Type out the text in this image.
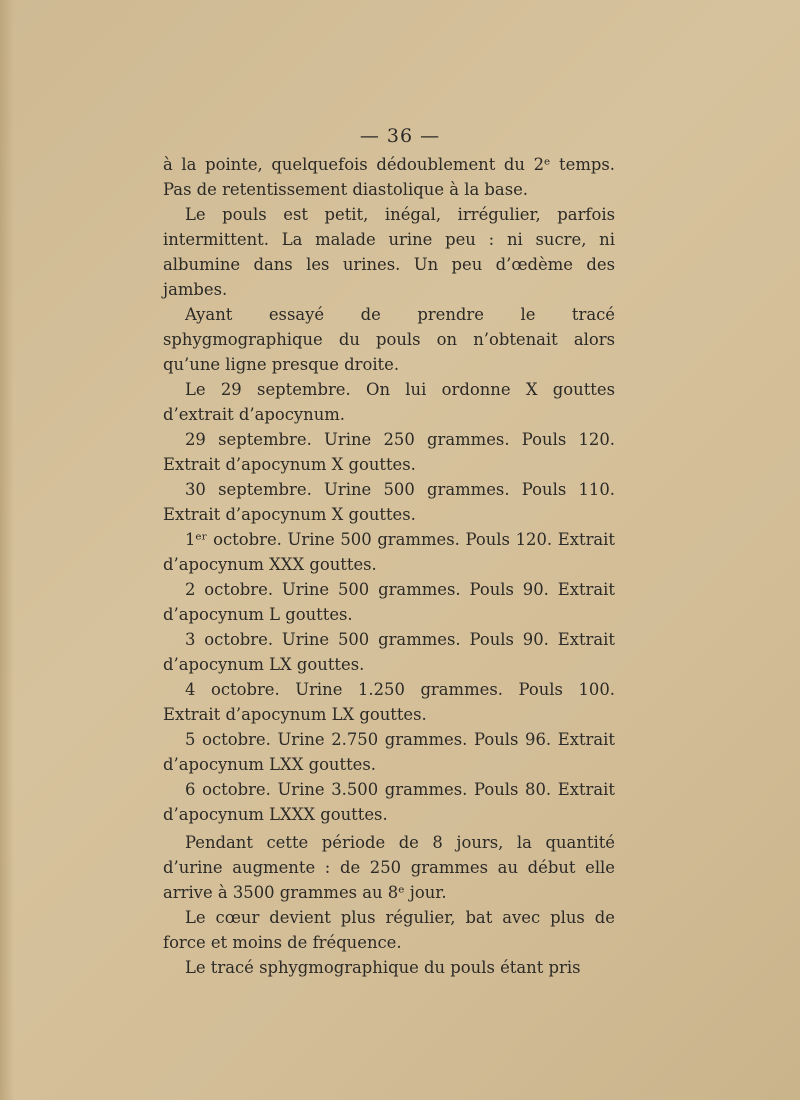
— 36 —

à la pointe, quelquefois dédoublement du 2ᵉ temps. Pas de retentissement diastolique à la base.

Le pouls est petit, inégal, irrégulier, parfois intermittent. La malade urine peu : ni sucre, ni albumine dans les urines. Un peu d’œdème des jambes.

Ayant essayé de prendre le tracé sphygmographique du pouls on n’obtenait alors qu’une ligne presque droite.

Le 29 septembre. On lui ordonne X gouttes d’extrait d’apocynum.

29 septembre. Urine 250 grammes. Pouls 120. Extrait d’apocynum X gouttes.

30 septembre. Urine 500 grammes. Pouls 110. Extrait d’apocynum X gouttes.

1ᵉʳ octobre. Urine 500 grammes. Pouls 120. Extrait d’apocynum XXX gouttes.

2 octobre. Urine 500 grammes. Pouls 90. Extrait d’apocynum L gouttes.

3 octobre. Urine 500 grammes. Pouls 90. Extrait d’apocynum LX gouttes.

4 octobre. Urine 1.250 grammes. Pouls 100. Extrait d’apocynum LX gouttes.

5 octobre. Urine 2.750 grammes. Pouls 96. Extrait d’apocynum LXX gouttes.

6 octobre. Urine 3.500 grammes. Pouls 80. Extrait d’apocynum LXXX gouttes.

Pendant cette période de 8 jours, la quantité d’urine augmente : de 250 grammes au début elle arrive à 3500 grammes au 8ᵉ jour.

Le cœur devient plus régulier, bat avec plus de force et moins de fréquence.

Le tracé sphygmographique du pouls étant pris
